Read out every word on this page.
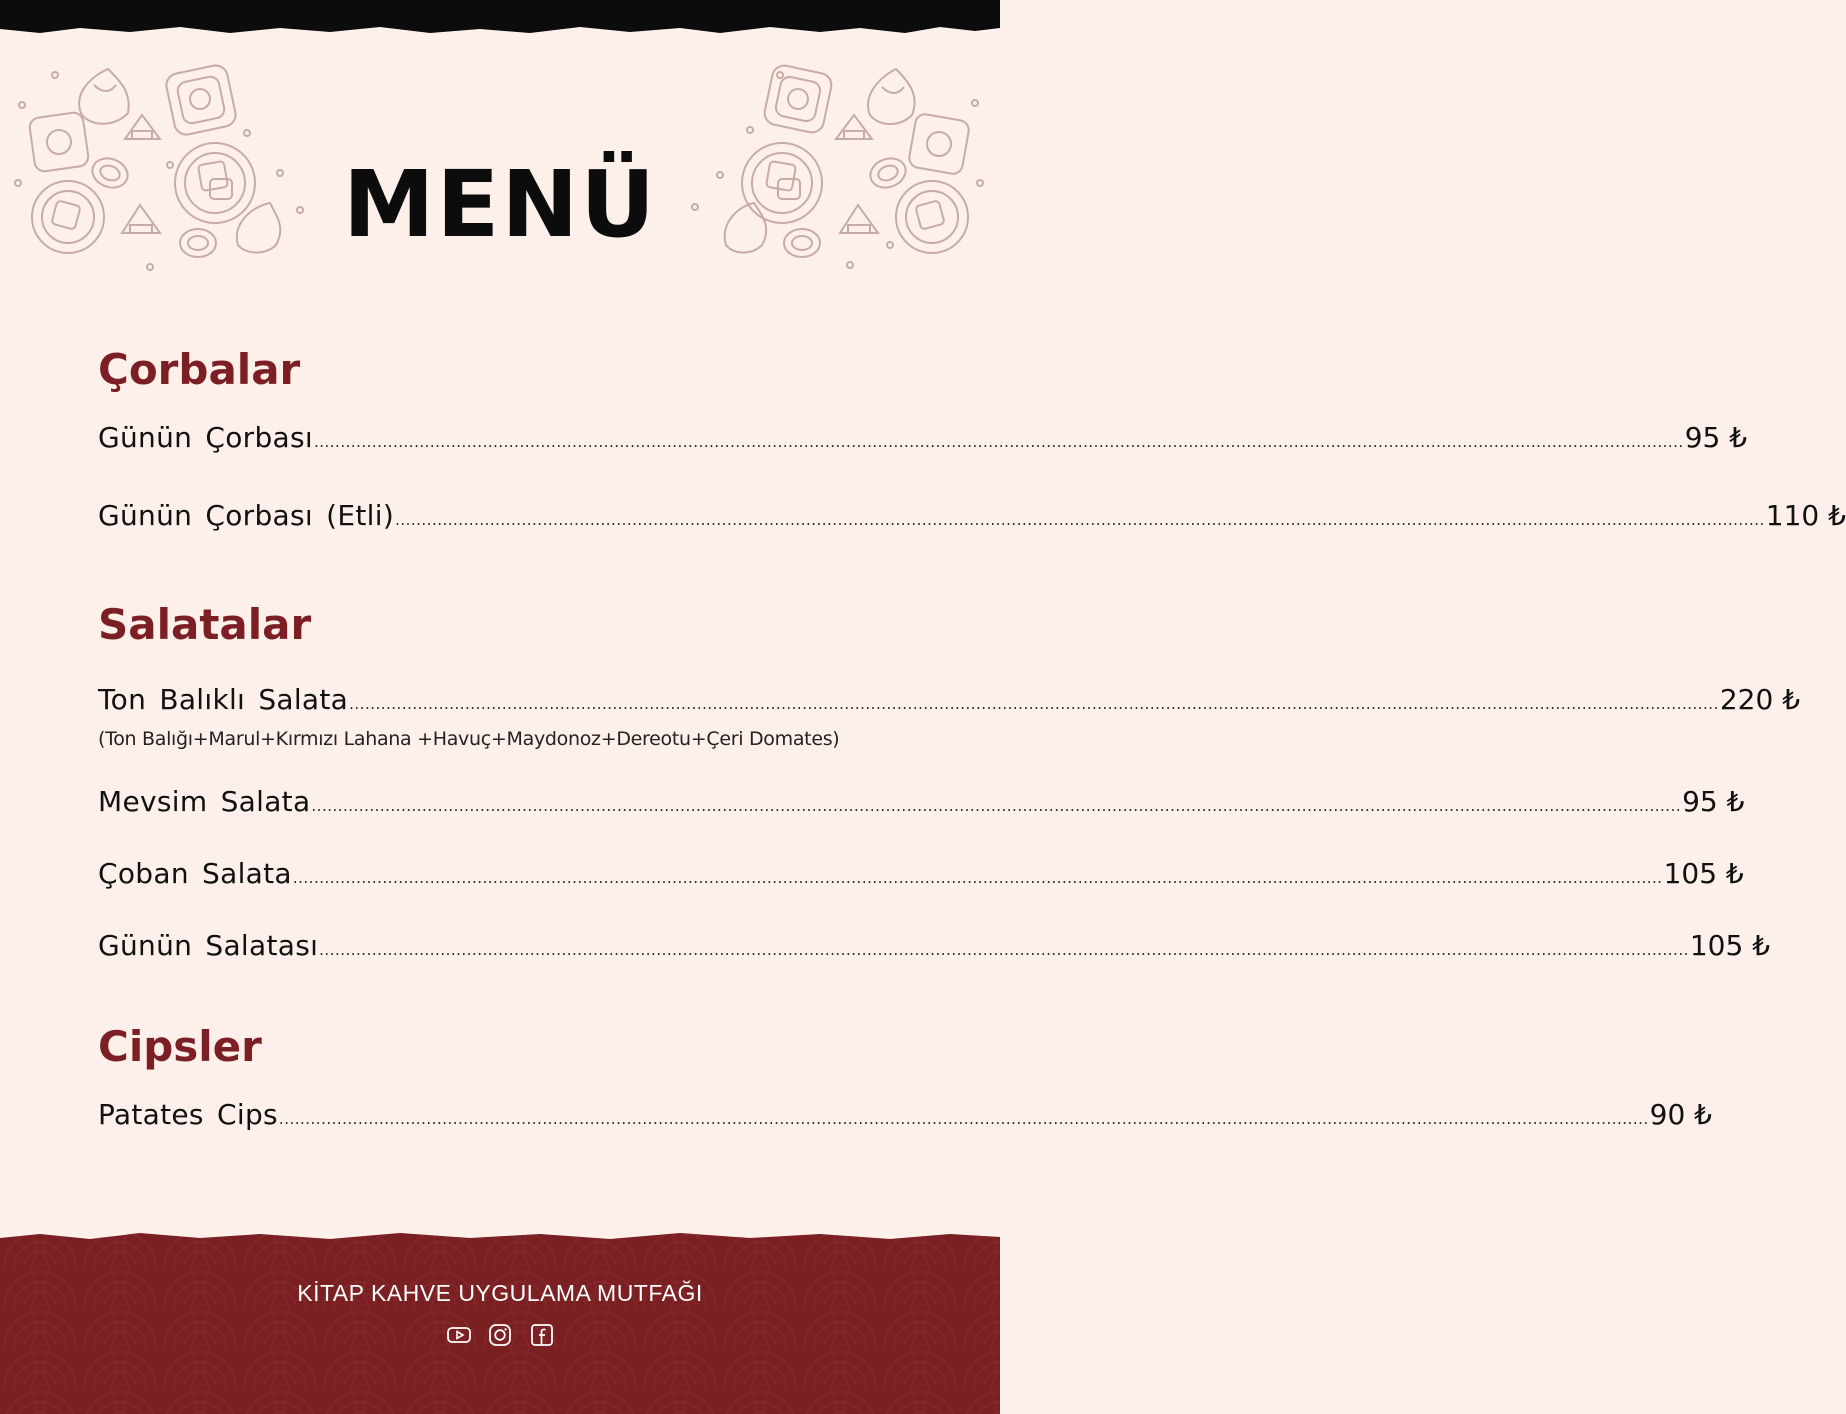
MENÜ
Çorbalar
Günün Çorbası .................................................................................................................................................................................................................................................................... 95 ₺
Günün Çorbası (Etli) .................................................................................................................................................................................................................................................................... 110 ₺
Salatalar
Ton Balıklı Salata .................................................................................................................................................................................................................................................................... 220 ₺
(Ton Balığı+Marul+Kırmızı Lahana +Havuç+Maydonoz+Dereotu+Çeri Domates)
Mevsim Salata .................................................................................................................................................................................................................................................................... 95 ₺
Çoban Salata .................................................................................................................................................................................................................................................................... 105 ₺
Günün Salatası .................................................................................................................................................................................................................................................................... 105 ₺
Cipsler
Patates Cips .................................................................................................................................................................................................................................................................... 90 ₺
KİTAP KAHVE UYGULAMA MUTFAĞI
